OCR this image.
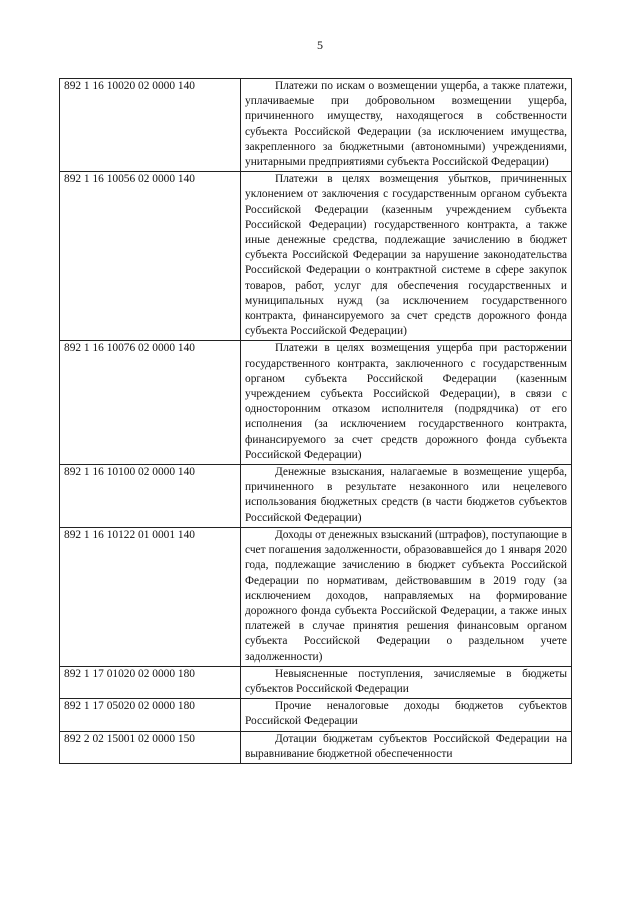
5
892 1 16 10020 02 0000 140	Платежи по искам о возмещении ущерба, а также платежи, уплачиваемые при добровольном возмещении ущерба, причиненного имуществу, находящегося в собственности субъекта Российской Федерации (за исключением имущества, закрепленного за бюджетными (автономными) учреждениями, унитарными предприятиями субъекта Российской Федерации)

892 1 16 10056 02 0000 140	Платежи в целях возмещения убытков, причиненных уклонением от заключения с государственным органом субъекта Российской Федерации (казенным учреждением субъекта Российской Федерации) государственного контракта, а также иные денежные средства, подлежащие зачислению в бюджет субъекта Российской Федерации за нарушение законодательства Российской Федерации о контрактной системе в сфере закупок товаров, работ, услуг для обеспечения государственных и муниципальных нужд (за исключением государственного контракта, финансируемого за счет средств дорожного фонда субъекта Российской Федерации)

892 1 16 10076 02 0000 140	Платежи в целях возмещения ущерба при расторжении государственного контракта, заключенного с государственным органом субъекта Российской Федерации (казенным учреждением субъекта Российской Федерации), в связи с односторонним отказом исполнителя (подрядчика) от его исполнения (за исключением государственного контракта, финансируемого за счет средств дорожного фонда субъекта Российской Федерации)

892 1 16 10100 02 0000 140	Денежные взыскания, налагаемые в возмещение ущерба, причиненного в результате незаконного или нецелевого использования бюджетных средств (в части бюджетов субъектов Российской Федерации)

892 1 16 10122 01 0001 140	Доходы от денежных взысканий (штрафов), поступающие в счет погашения задолженности, образовавшейся до 1 января 2020 года, подлежащие зачислению в бюджет субъекта Российской Федерации по нормативам, действовавшим в 2019 году (за исключением доходов, направляемых на формирование дорожного фонда субъекта Российской Федерации, а также иных платежей в случае принятия решения финансовым органом субъекта Российской Федерации о раздельном учете задолженности)

892 1 17 01020 02 0000 180	Невыясненные поступления, зачисляемые в бюджеты субъектов Российской Федерации

892 1 17 05020 02 0000 180	Прочие неналоговые доходы бюджетов субъектов Российской Федерации

892 2 02 15001 02 0000 150	Дотации бюджетам субъектов Российской Федерации на выравнивание бюджетной обеспеченности
